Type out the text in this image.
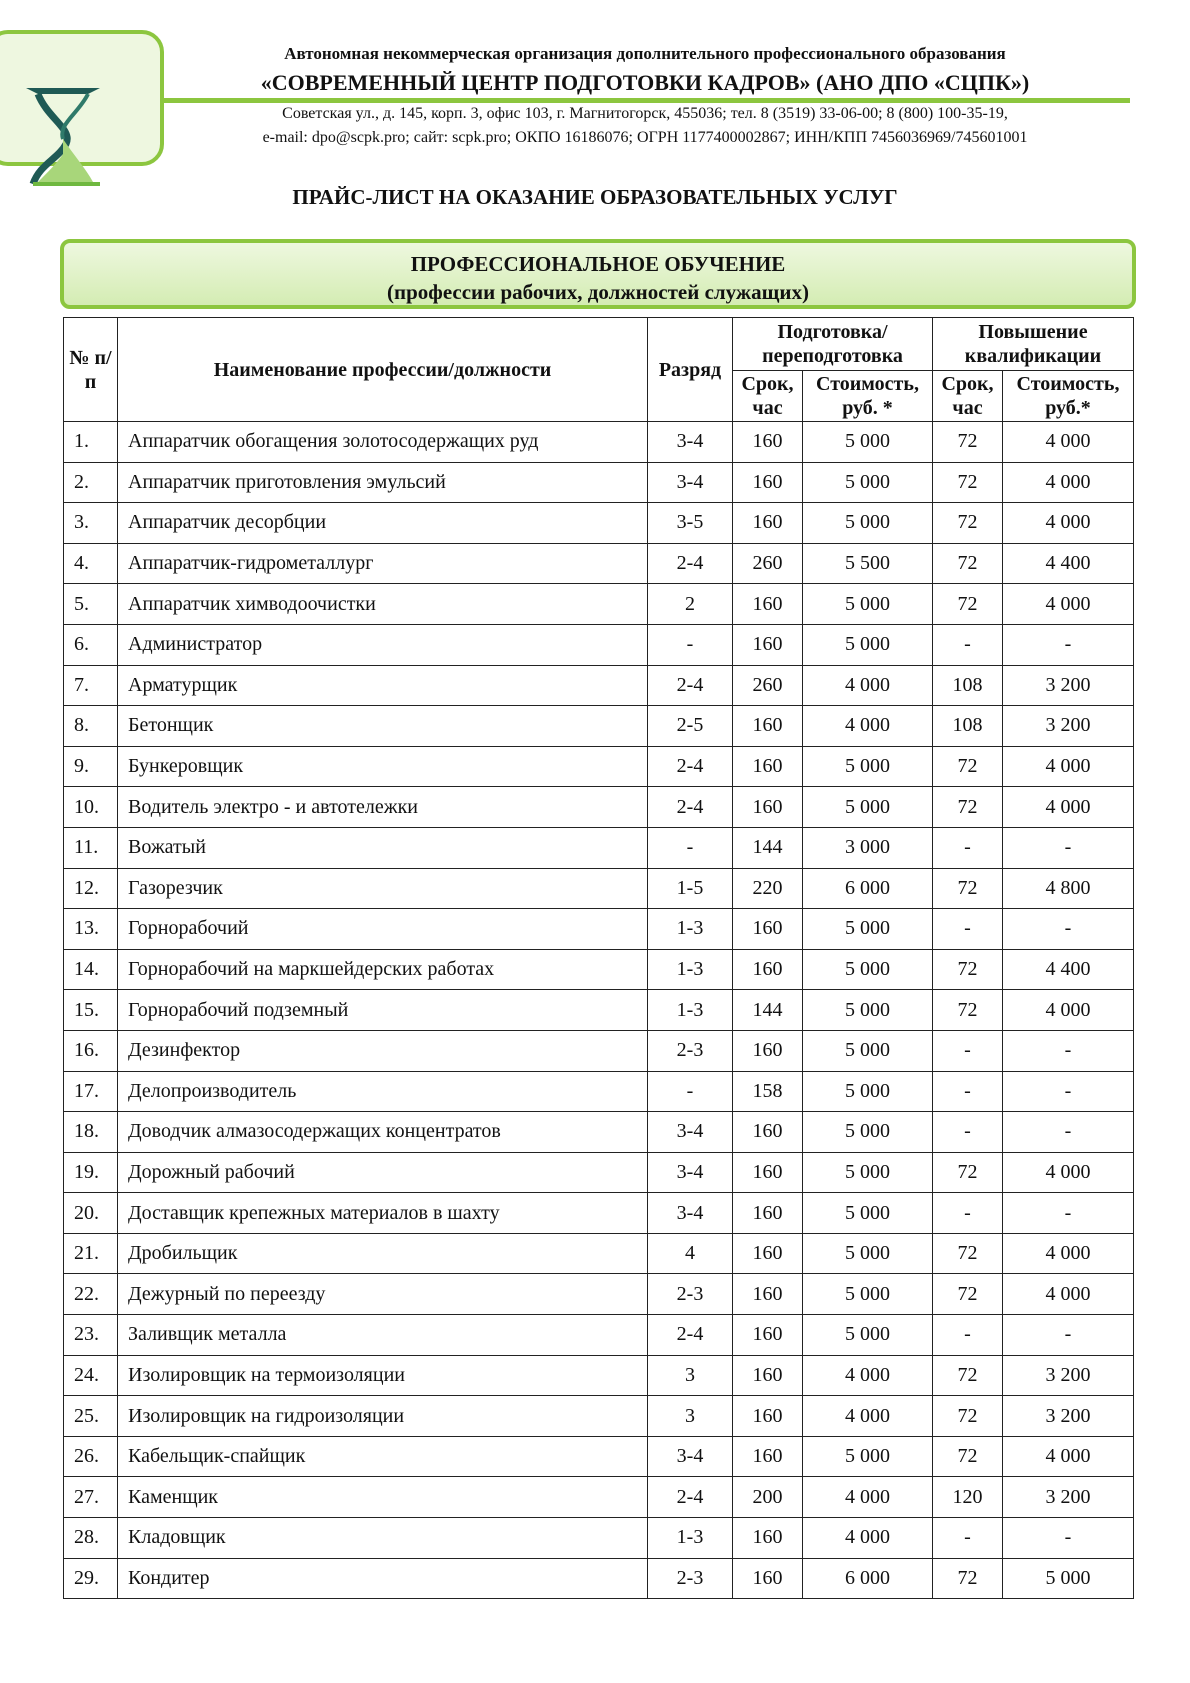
Автономная некоммерческая организация дополнительного профессионального образования
«СОВРЕМЕННЫЙ ЦЕНТР ПОДГОТОВКИ КАДРОВ» (АНО ДПО «СЦПК»)
Советская ул., д. 145, корп. 3, офис 103, г. Магнитогорск, 455036; тел. 8 (3519) 33-06-00; 8 (800) 100-35-19,
e-mail: dpo@scpk.pro; сайт: scpk.pro; ОКПО 16186076; ОГРН 1177400002867; ИНН/КПП 7456036969/745601001
ПРАЙС-ЛИСТ НА ОКАЗАНИЕ ОБРАЗОВАТЕЛЬНЫХ УСЛУГ
ПРОФЕССИОНАЛЬНОЕ ОБУЧЕНИЕ
(профессии рабочих, должностей служащих)
№ п/п	Наименование профессии/должности	Разряд	Подготовка/ переподготовка		Повышение квалификации	
			Срок, час	Стоимость, руб. *	Срок, час	Стоимость, руб.*
1.	Аппаратчик обогащения золотосодержащих руд	3-4	160	5 000	72	4 000
2.	Аппаратчик приготовления эмульсий	3-4	160	5 000	72	4 000
3.	Аппаратчик десорбции	3-5	160	5 000	72	4 000
4.	Аппаратчик-гидрометаллург	2-4	260	5 500	72	4 400
5.	Аппаратчик химводоочистки	2	160	5 000	72	4 000
6.	Администратор	-	160	5 000	-	-
7.	Арматурщик	2-4	260	4 000	108	3 200
8.	Бетонщик	2-5	160	4 000	108	3 200
9.	Бункеровщик	2-4	160	5 000	72	4 000
10.	Водитель электро - и автотележки	2-4	160	5 000	72	4 000
11.	Вожатый	-	144	3 000	-	-
12.	Газорезчик	1-5	220	6 000	72	4 800
13.	Горнорабочий	1-3	160	5 000	-	-
14.	Горнорабочий на маркшейдерских работах	1-3	160	5 000	72	4 400
15.	Горнорабочий подземный	1-3	144	5 000	72	4 000
16.	Дезинфектор	2-3	160	5 000	-	-
17.	Делопроизводитель	-	158	5 000	-	-
18.	Доводчик алмазосодержащих концентратов	3-4	160	5 000	-	-
19.	Дорожный рабочий	3-4	160	5 000	72	4 000
20.	Доставщик крепежных материалов в шахту	3-4	160	5 000	-	-
21.	Дробильщик	4	160	5 000	72	4 000
22.	Дежурный по переезду	2-3	160	5 000	72	4 000
23.	Заливщик металла	2-4	160	5 000	-	-
24.	Изолировщик на термоизоляции	3	160	4 000	72	3 200
25.	Изолировщик на гидроизоляции	3	160	4 000	72	3 200
26.	Кабельщик-спайщик	3-4	160	5 000	72	4 000
27.	Каменщик	2-4	200	4 000	120	3 200
28.	Кладовщик	1-3	160	4 000	-	-
29.	Кондитер	2-3	160	6 000	72	5 000
